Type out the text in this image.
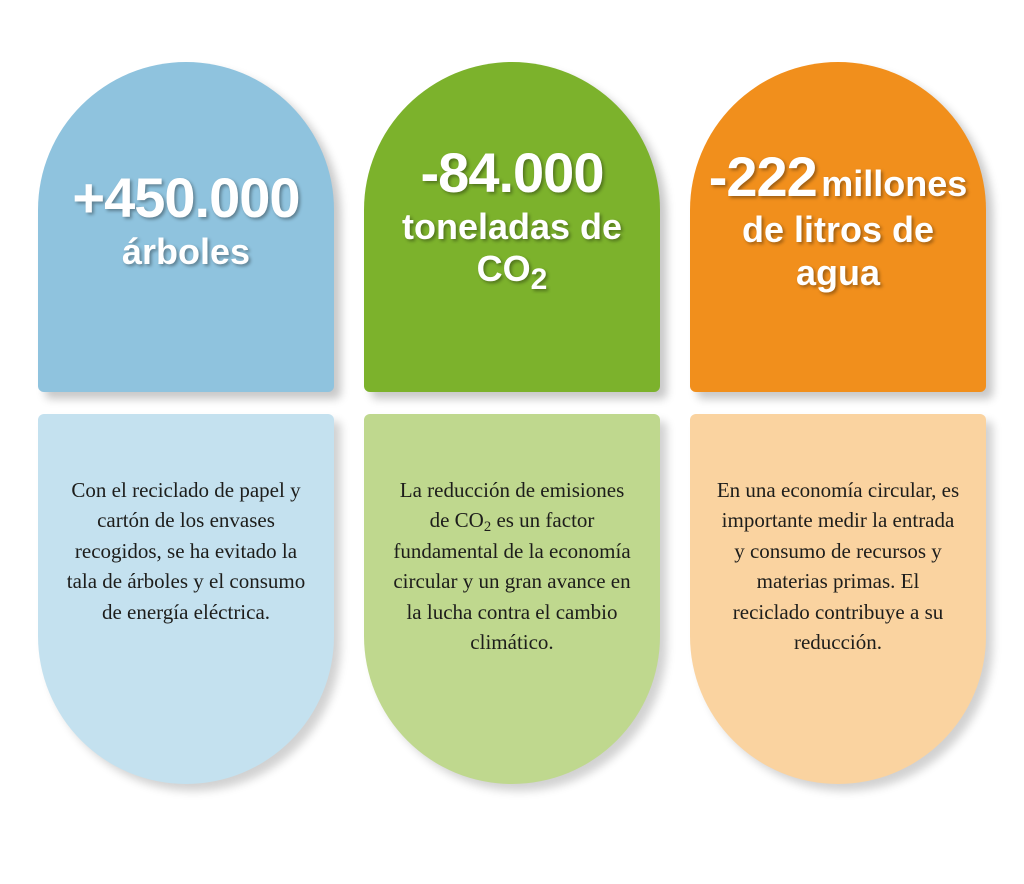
+450.000
árboles

Con el reciclado de papel y cartón de los envases recogidos, se ha evitado la tala de árboles y el consumo de energía eléctrica.

-84.000
toneladas de
$CO_2$

La reducción de emisiones de $CO_2$ es un factor fundamental de la economía circular y un gran avance en la lucha contra el cambio climático.

-222 millones
de litros de
agua

En una economía circular, es importante medir la entrada y consumo de recursos y materias primas. El reciclado contribuye a su reducción.
